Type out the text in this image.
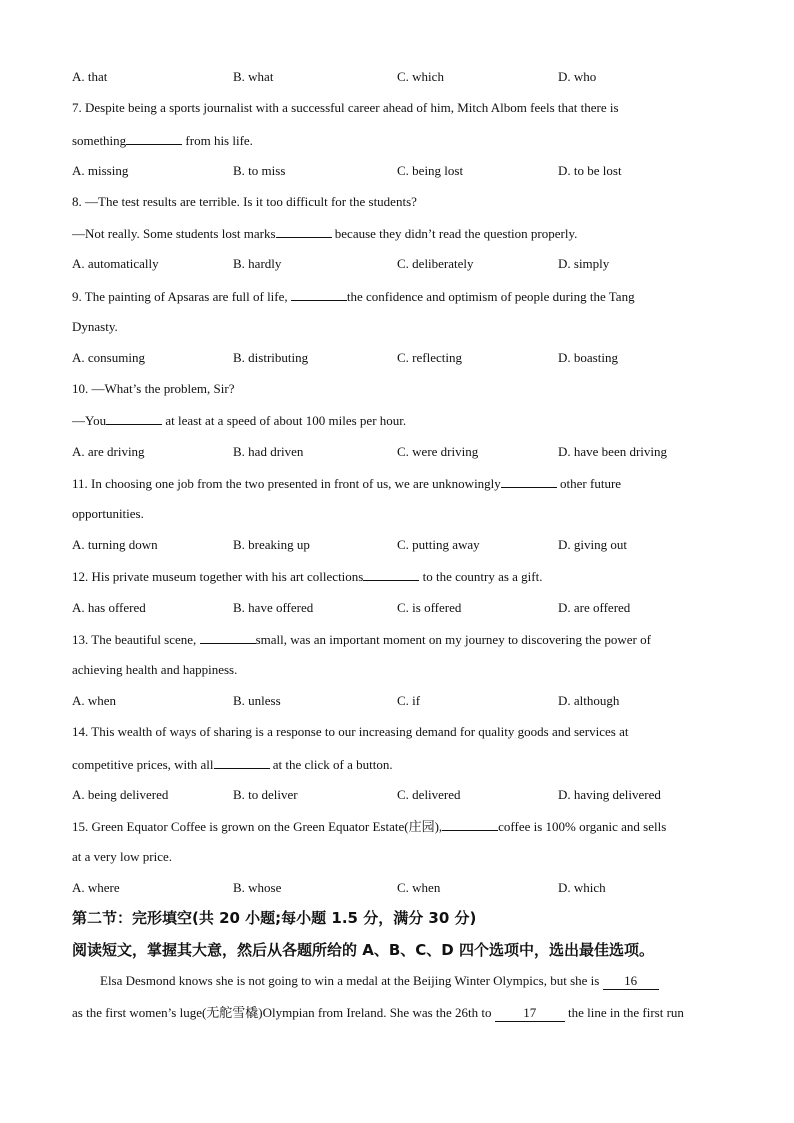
A. that	B. what	C. which	D. who
7. Despite being a sports journalist with a successful career ahead of him, Mitch Albom feels that there is
something	from his life.
A. missing	B. to miss	C. being lost	D. to be lost
8. —The test results are terrible. Is it too difficult for the students?
—Not really. Some students lost marks	because they didn’t read the question properly.
A. automatically	B. hardly	C. deliberately	D. simply
9. The painting of Apsaras are full of life,	the confidence and optimism of people during the Tang
Dynasty.
A. consuming	B. distributing	C. reflecting	D. boasting
10. —What’s the problem, Sir?
—You	at least at a speed of about 100 miles per hour.
A. are driving	B. had driven	C. were driving	D. have been driving
11. In choosing one job from the two presented in front of us, we are unknowingly	other future
opportunities.
A. turning down	B. breaking up	C. putting away	D. giving out
12. His private museum together with his art collections	to the country as a gift.
A. has offered	B. have offered	C. is offered	D. are offered
13. The beautiful scene,	small, was an important moment on my journey to discovering the power of
achieving health and happiness.
A. when	B. unless	C. if	D. although
14. This wealth of ways of sharing is a response to our increasing demand for quality goods and services at
competitive prices, with all	at the click of a button.
A. being delivered	B. to deliver	C. delivered	D. having delivered
15. Green Equator Coffee is grown on the Green Equator Estate(庄园),	coffee is 100% organic and sells
at a very low price.
A. where	B. whose	C. when	D. which
第二节：完形填空(共 20 小题;每小题 1.5 分，满分 30 分)
阅读短文，掌握其大意，然后从各题所给的 A、B、C、D 四个选项中，选出最佳选项。
Elsa Desmond knows she is not going to win a medal at the Beijing Winter Olympics, but she is 16
as the first women’s luge(无舵雪橇)Olympian from Ireland. She was the 26th to 17 the line in the first run
